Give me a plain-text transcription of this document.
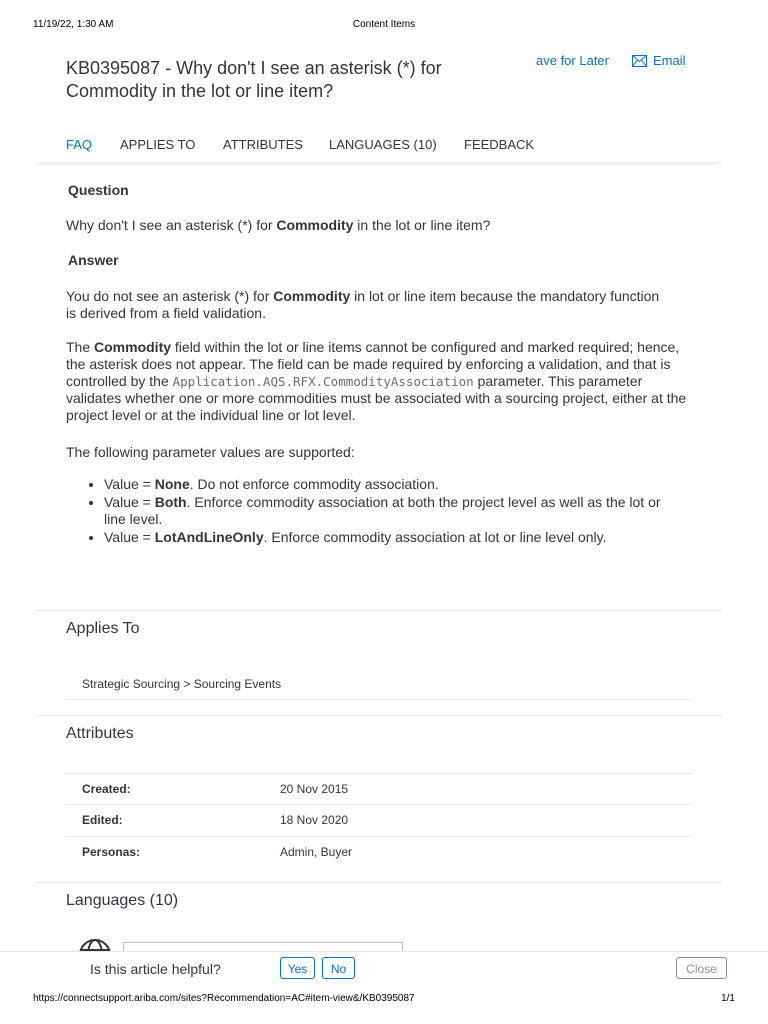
11/19/22, 1:30 AM	Content Items
KB0395087 - Why don't I see an asterisk (*) for Commodity in the lot or line item?
ave for Later	Email
FAQ APPLIES TO ATTRIBUTES LANGUAGES (10) FEEDBACK
Question
Why don't I see an asterisk (*) for Commodity in the lot or line item?
Answer
You do not see an asterisk (*) for Commodity in lot or line item because the mandatory function is derived from a field validation.
The Commodity field within the lot or line items cannot be configured and marked required; hence, the asterisk does not appear. The field can be made required by enforcing a validation, and that is controlled by the Application.AQS.RFX.CommodityAssociation parameter. This parameter validates whether one or more commodities must be associated with a sourcing project, either at the project level or at the individual line or lot level.
The following parameter values are supported:
• Value = None. Do not enforce commodity association.
• Value = Both. Enforce commodity association at both the project level as well as the lot or line level.
• Value = LotAndLineOnly. Enforce commodity association at lot or line level only.
Applies To
Strategic Sourcing > Sourcing Events
Attributes
Created:	20 Nov 2015
Edited:	18 Nov 2020
Personas:	Admin, Buyer
Languages (10)
Is this article helpful?	Yes	No	Close
https://connectsupport.ariba.com/sites?Recommendation=AC#item-view&/KB0395087	1/1
